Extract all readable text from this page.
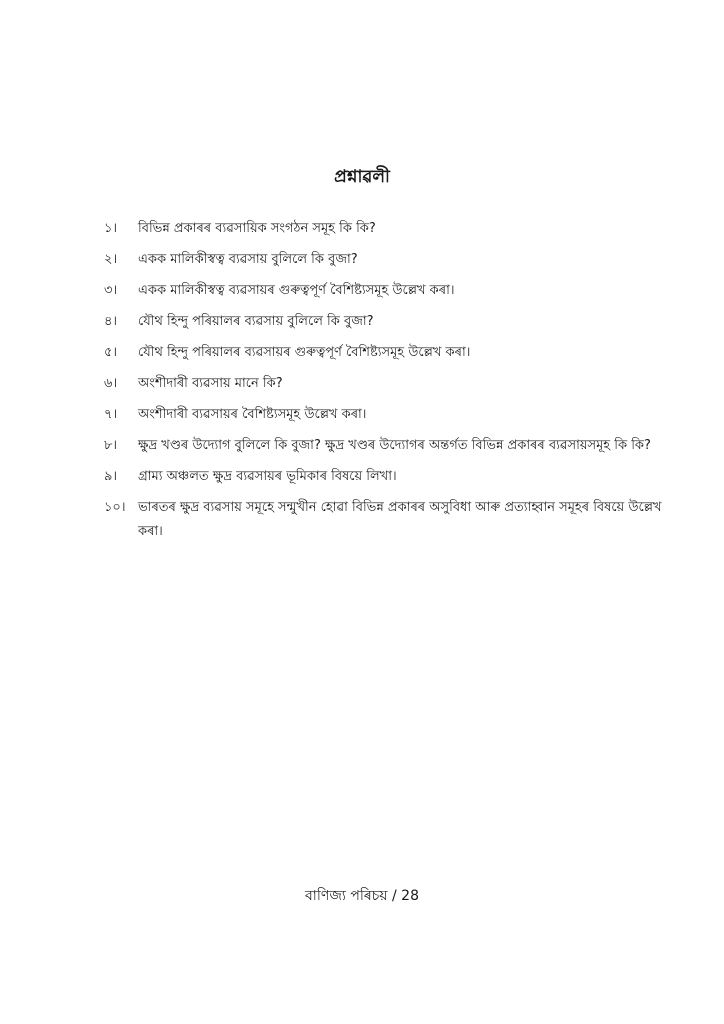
প্ৰশ্নাৱলী
১।	বিভিন্ন প্ৰকাৰৰ ব্যৱসায়িক সংগঠন সমূহ কি কি?
২।	একক মালিকীস্বত্ব ব্যৱসায় বুলিলে কি বুজা?
৩।	একক মালিকীস্বত্ব ব্যৱসায়ৰ গুৰুত্বপূৰ্ণ বৈশিষ্ট্যসমূহ উল্লেখ কৰা।
৪।	যৌথ হিন্দু পৰিয়ালৰ ব্যৱসায় বুলিলে কি বুজা?
৫।	যৌথ হিন্দু পৰিয়ালৰ ব্যৱসায়ৰ গুৰুত্বপূৰ্ণ বৈশিষ্ট্যসমূহ উল্লেখ কৰা।
৬।	অংশীদাৰী ব্যৱসায় মানে কি?
৭।	অংশীদাৰী ব্যৱসায়ৰ বৈশিষ্ট্যসমূহ উল্লেখ কৰা।
৮।	ক্ষুদ্ৰ খণ্ডৰ উদ্যোগ বুলিলে কি বুজা? ক্ষুদ্ৰ খণ্ডৰ উদ্যোগৰ অন্তৰ্গত বিভিন্ন প্ৰকাৰৰ ব্যৱসায়সমূহ কি কি?
৯।	গ্ৰাম্য অঞ্চলত ক্ষুদ্ৰ ব্যৱসায়ৰ ভূমিকাৰ বিষয়ে লিখা।
১০। ভাৰতৰ ক্ষুদ্ৰ ব্যৱসায় সমূহে সন্মুখীন হোৱা বিভিন্ন প্ৰকাৰৰ অসুবিধা আৰু প্ৰত্যাহ্বান সমূহৰ বিষয়ে উল্লেখ কৰা।
বাণিজ্য পৰিচয় / 28
